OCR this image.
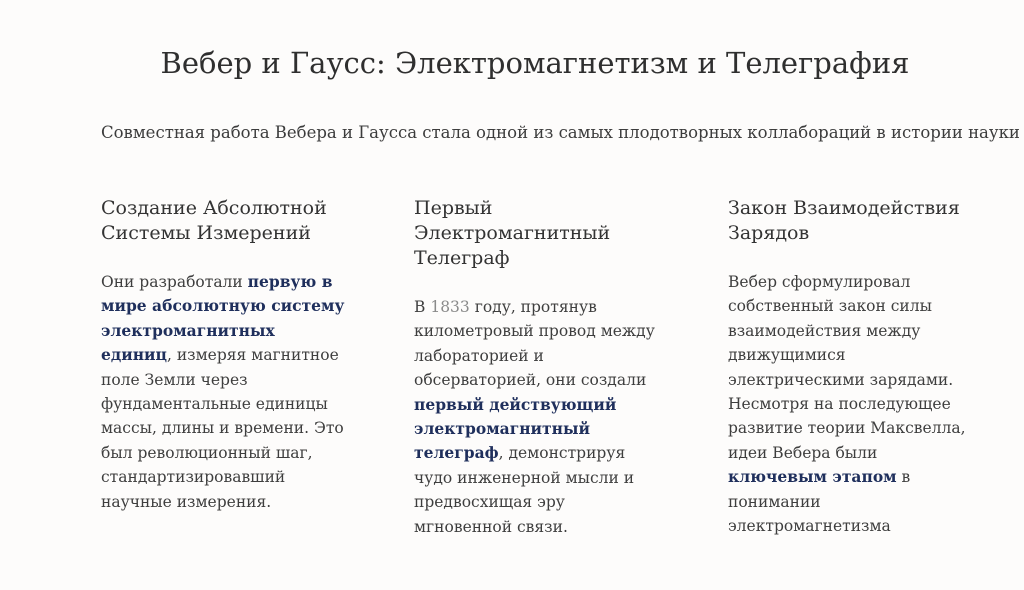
Вебер и Гаусс: Электромагнетизм и Телеграфия

Совместная работа Вебера и Гаусса стала одной из самых плодотворных коллабораций в истории науки

Создание Абсолютной Системы Измерений

Они разработали первую в мире абсолютную систему электромагнитных единиц, измеряя магнитное поле Земли через фундаментальные единицы массы, длины и времени. Это был революционный шаг, стандартизировавший научные измерения.

Первый Электромагнитный Телеграф

В 1833 году, протянув километровый провод между лабораторией и обсерваторией, они создали первый действующий электромагнитный телеграф, демонстрируя чудо инженерной мысли и предвосхищая эру мгновенной связи.

Закон Взаимодействия Зарядов

Вебер сформулировал собственный закон силы взаимодействия между движущимися электрическими зарядами. Несмотря на последующее развитие теории Максвелла, идеи Вебера были ключевым этапом в понимании электромагнетизма
